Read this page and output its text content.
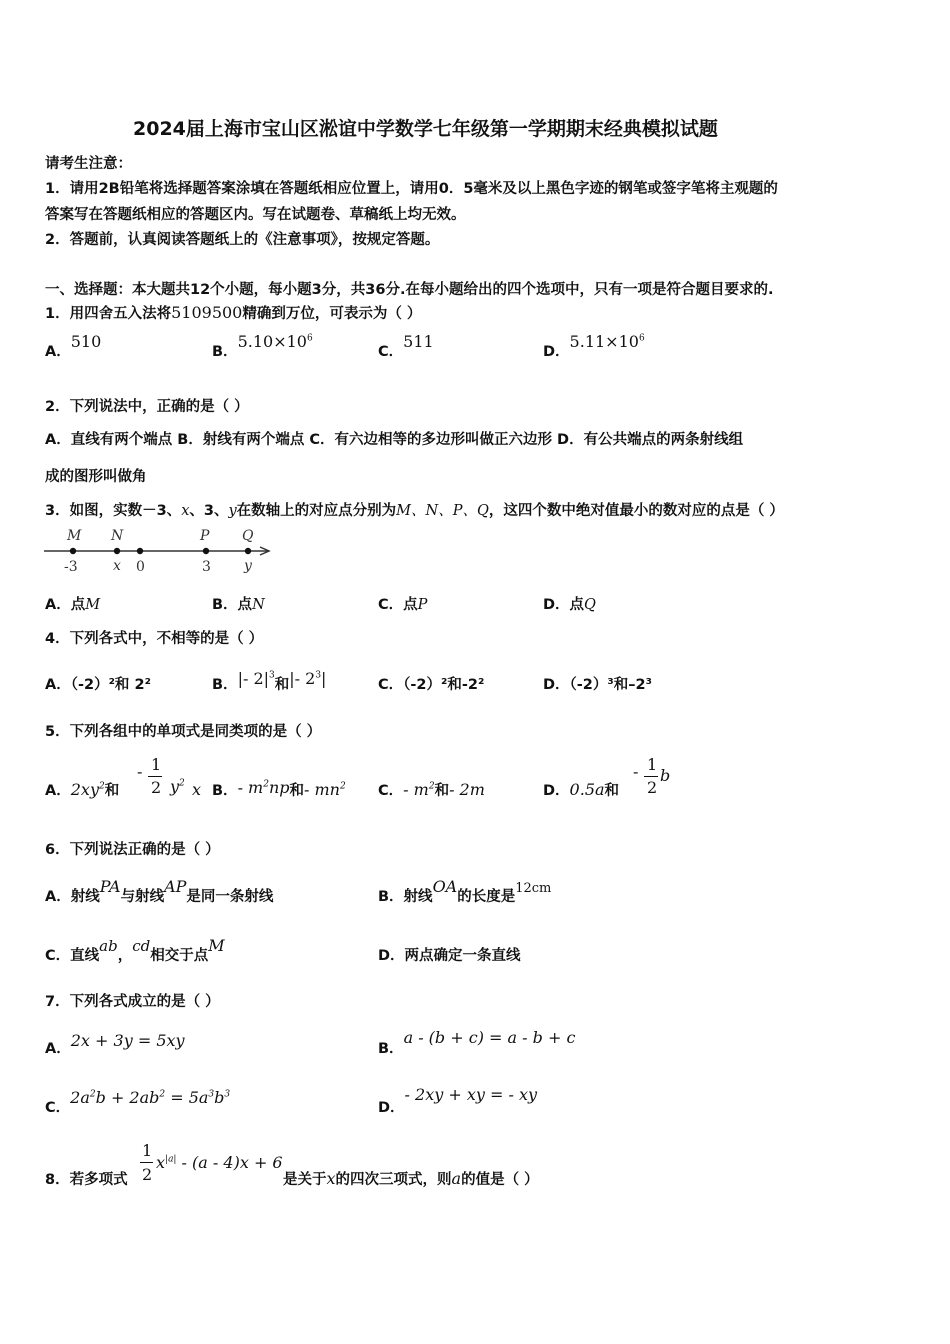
2024届上海市宝山区淞谊中学数学七年级第一学期期末经典模拟试题
请考生注意：
1．请用2B铅笔将选择题答案涂填在答题纸相应位置上，请用0．5毫米及以上黑色字迹的钢笔或签字笔将主观题的
答案写在答题纸相应的答题区内。写在试题卷、草稿纸上均无效。
2．答题前，认真阅读答题纸上的《注意事项》，按规定答题。
一、选择题：本大题共12个小题，每小题3分，共36分.在每小题给出的四个选项中，只有一项是符合题目要求的.
1．用四舍五入法将5109500精确到万位，可表示为（ ）
A．510
B．$5.10\times 10^6$
C．511
D．$5.11\times 10^6$
2．下列说法中，正确的是（ ）
A．直线有两个端点 B．射线有两个端点 C．有六边相等的多边形叫做正六边形 D．有公共端点的两条射线组
成的图形叫做角
3．如图，实数－3、x、3、y在数轴上的对应点分别为M、N、P、Q，这四个数中绝对值最小的数对应的点是（ ）
M N	P Q
-3	x 0	3 y
A．点M	B．点N	C．点P	D．点Q
4．下列各式中，不相等的是（ ）
A．（-2）²和 2²	B．|- $2|^3$和|- $2^3|$	C．（-2）²和-2²	D．（-2）³和–2³
5．下列各组中的单项式是同类项的是（ ）
A．$2xy^2$和
- 1
2 $y^2$ x B．- $m^2np$和- $mn^2$ C．- $m^2$和- 2m	D．0.5a和
- 1
2
b
6．下列说法正确的是（ ）
A．射线PA与射线AP是同一条射线	B．射线OA的长度是12cm
C．直线ab，cd相交于点M
D．两点确定一条直线
7．下列各式成立的是（ ）
A．2x + 3y = 5xy	B．a - (b + c) = a - b + c
C．$2a^2b + 2ab^2 = 5a^3b^3$
D．- 2xy + xy = - xy
8．若多项式
1
2
$x^{|a|} - (a - 4)x + 6$
是关于x的四次三项式，则a的值是（ ）
